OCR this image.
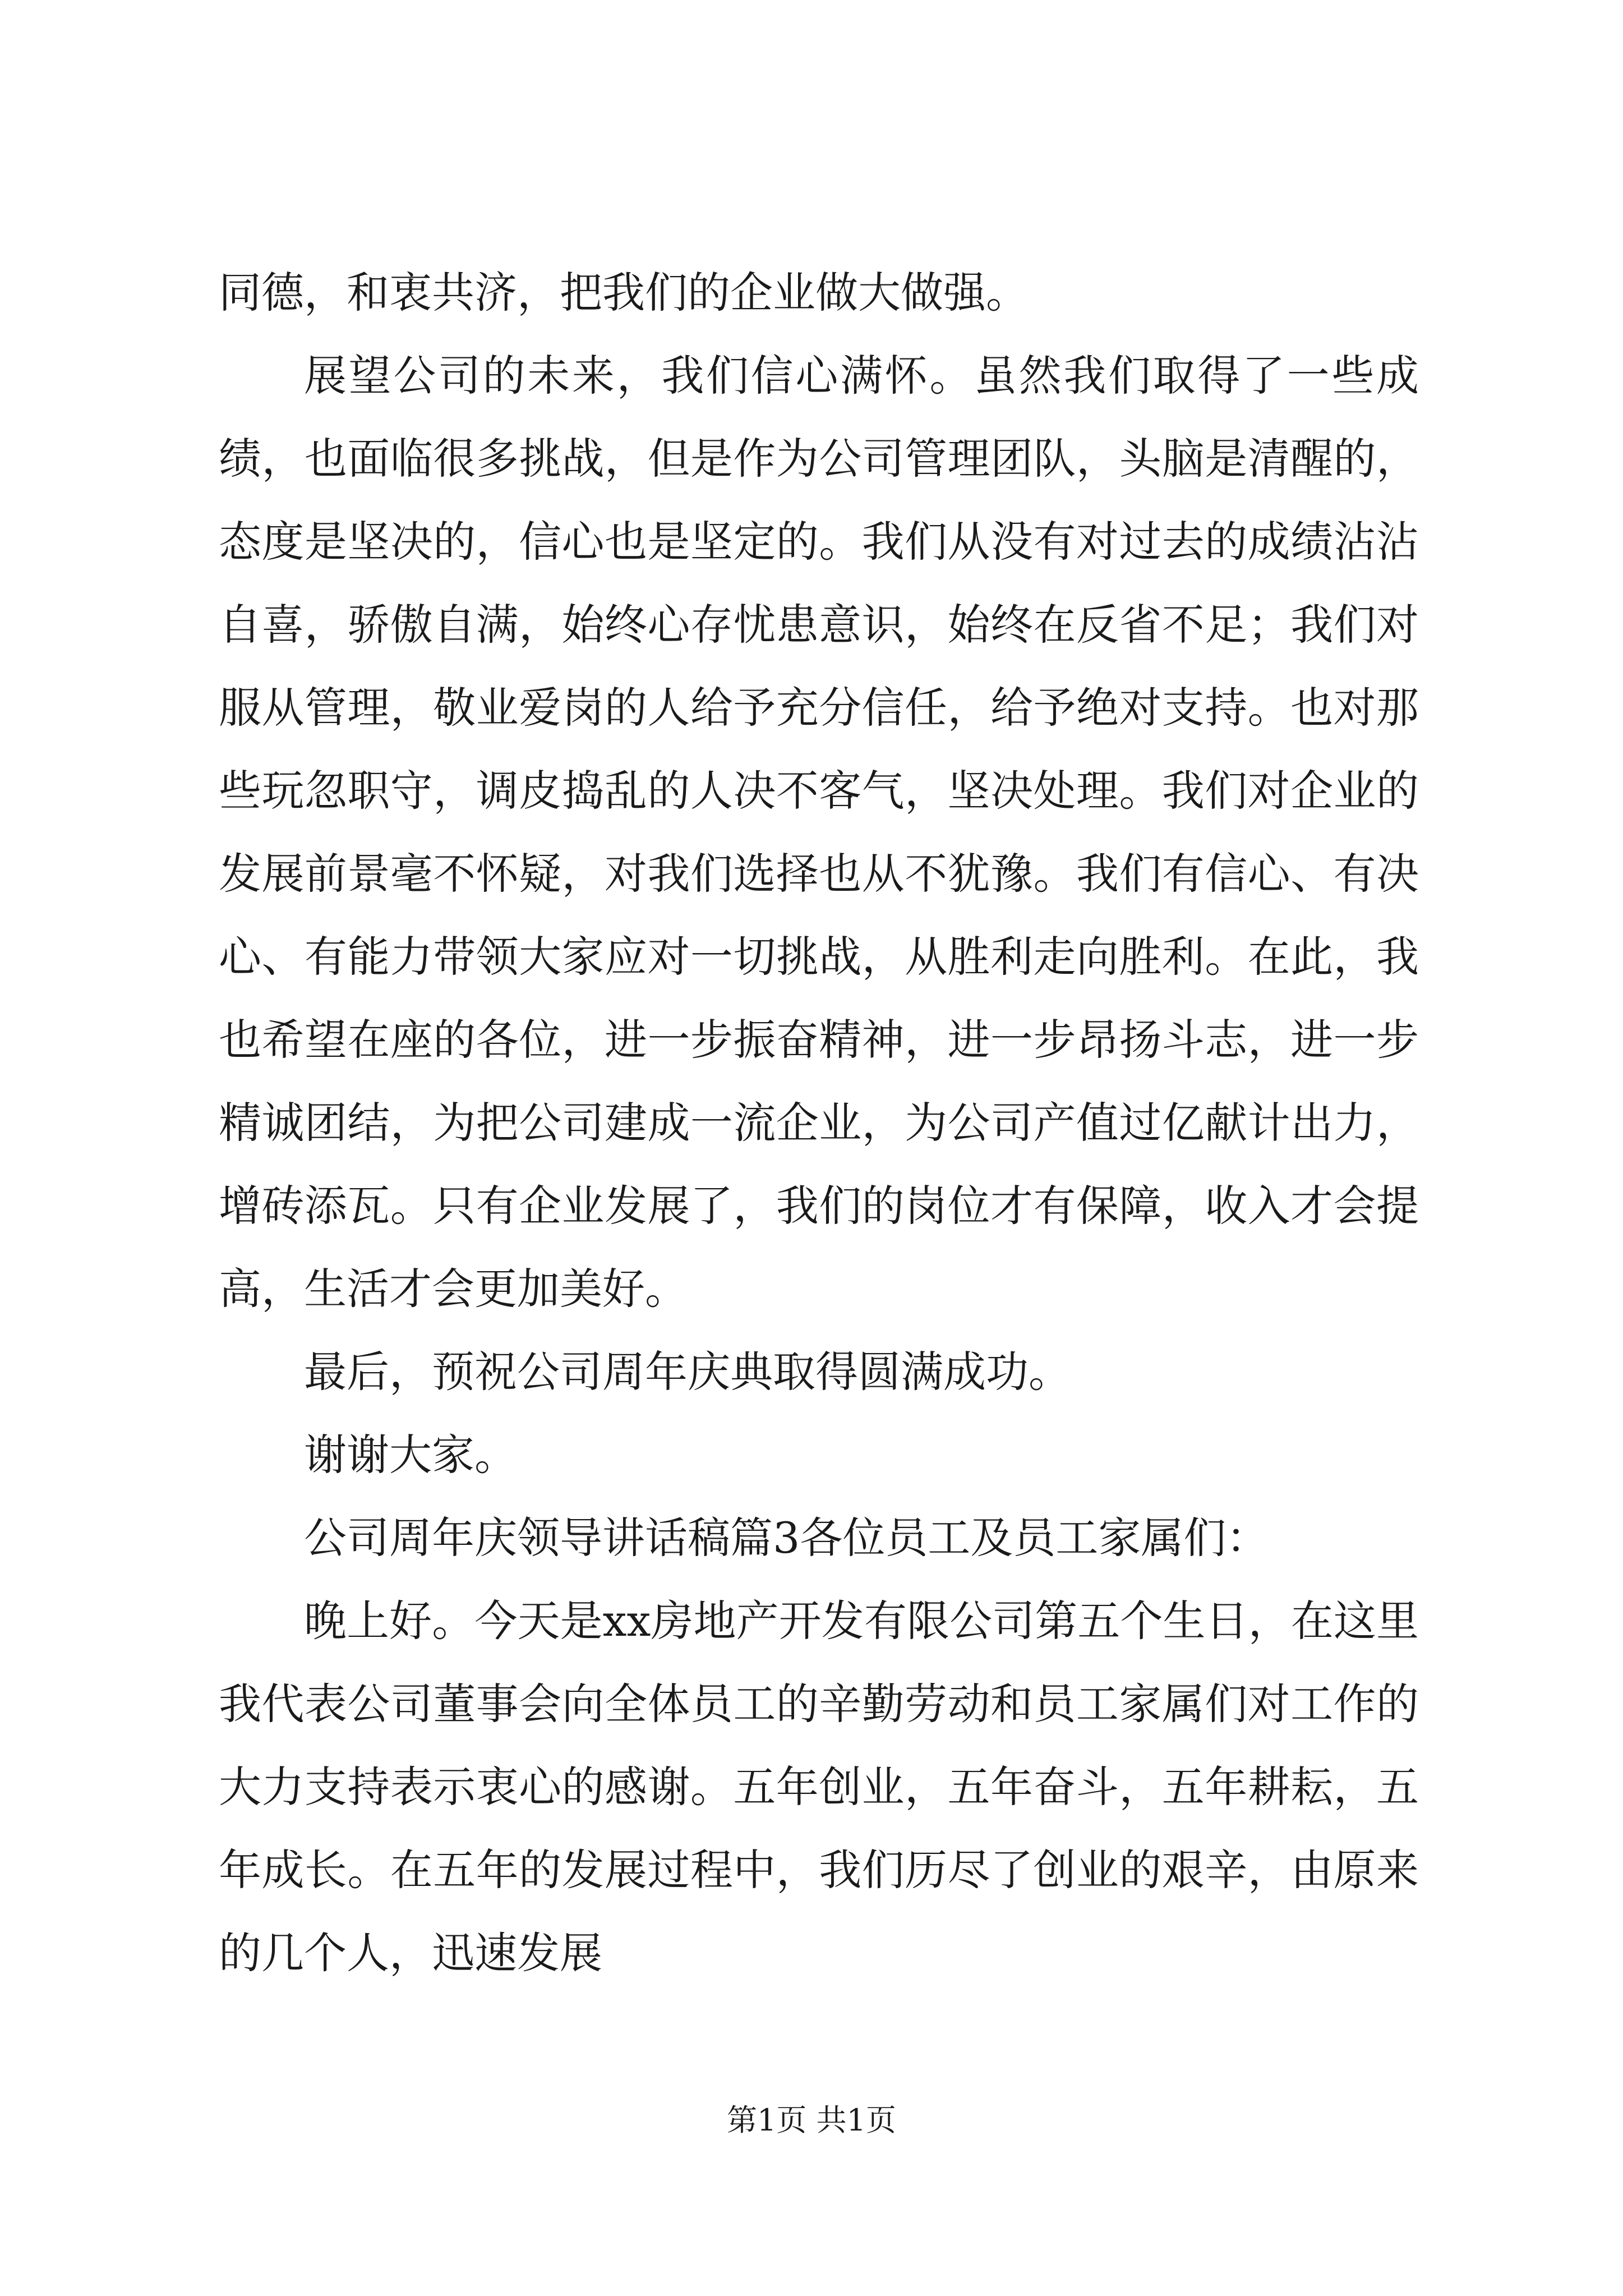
同德，和衷共济，把我们的企业做大做强。

展望公司的未来，我们信心满怀。虽然我们取得了一些成绩，也面临很多挑战，但是作为公司管理团队，头脑是清醒的，态度是坚决的，信心也是坚定的。我们从没有对过去的成绩沾沾自喜，骄傲自满，始终心存忧患意识，始终在反省不足；我们对服从管理，敬业爱岗的人给予充分信任，给予绝对支持。也对那些玩忽职守，调皮捣乱的人决不客气，坚决处理。我们对企业的发展前景毫不怀疑，对我们选择也从不犹豫。我们有信心、有决心、有能力带领大家应对一切挑战，从胜利走向胜利。在此，我也希望在座的各位，进一步振奋精神，进一步昂扬斗志，进一步精诚团结，为把公司建成一流企业，为公司产值过亿献计出力，增砖添瓦。只有企业发展了，我们的岗位才有保障，收入才会提高，生活才会更加美好。

最后，预祝公司周年庆典取得圆满成功。

谢谢大家。

公司周年庆领导讲话稿篇3各位员工及员工家属们：

晚上好。今天是xx房地产开发有限公司第五个生日，在这里我代表公司董事会向全体员工的辛勤劳动和员工家属们对工作的大力支持表示衷心的感谢。五年创业，五年奋斗，五年耕耘，五年成长。在五年的发展过程中，我们历尽了创业的艰辛，由原来的几个人，迅速发展

第1页 共1页
